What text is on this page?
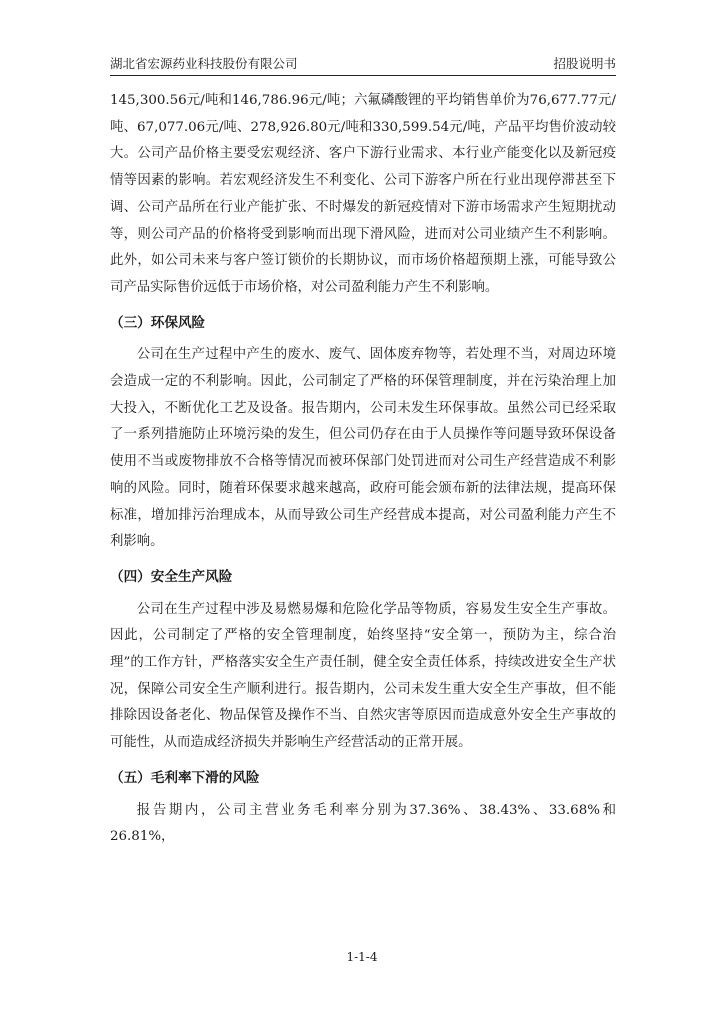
湖北省宏源药业科技股份有限公司	招股说明书

145,300.56元/吨和146,786.96元/吨；六氟磷酸锂的平均销售单价为76,677.77元/吨、67,077.06元/吨、278,926.80元/吨和330,599.54元/吨，产品平均售价波动较大。公司产品价格主要受宏观经济、客户下游行业需求、本行业产能变化以及新冠疫情等因素的影响。若宏观经济发生不利变化、公司下游客户所在行业出现停滞甚至下调、公司产品所在行业产能扩张、不时爆发的新冠疫情对下游市场需求产生短期扰动等，则公司产品的价格将受到影响而出现下滑风险，进而对公司业绩产生不利影响。此外，如公司未来与客户签订锁价的长期协议，而市场价格超预期上涨，可能导致公司产品实际售价远低于市场价格，对公司盈利能力产生不利影响。

（三）环保风险

公司在生产过程中产生的废水、废气、固体废弃物等，若处理不当，对周边环境会造成一定的不利影响。因此，公司制定了严格的环保管理制度，并在污染治理上加大投入，不断优化工艺及设备。报告期内，公司未发生环保事故。虽然公司已经采取了一系列措施防止环境污染的发生，但公司仍存在由于人员操作等问题导致环保设备使用不当或废物排放不合格等情况而被环保部门处罚进而对公司生产经营造成不利影响的风险。同时，随着环保要求越来越高，政府可能会颁布新的法律法规，提高环保标准，增加排污治理成本，从而导致公司生产经营成本提高，对公司盈利能力产生不利影响。

（四）安全生产风险

公司在生产过程中涉及易燃易爆和危险化学品等物质，容易发生安全生产事故。因此，公司制定了严格的安全管理制度，始终坚持“安全第一，预防为主，综合治理”的工作方针，严格落实安全生产责任制，健全安全责任体系，持续改进安全生产状况，保障公司安全生产顺利进行。报告期内，公司未发生重大安全生产事故，但不能排除因设备老化、物品保管及操作不当、自然灾害等原因而造成意外安全生产事故的可能性，从而造成经济损失并影响生产经营活动的正常开展。

（五）毛利率下滑的风险

报告期内，公司主营业务毛利率分别为37.36%、38.43%、33.68%和26.81%，

1-1-4
